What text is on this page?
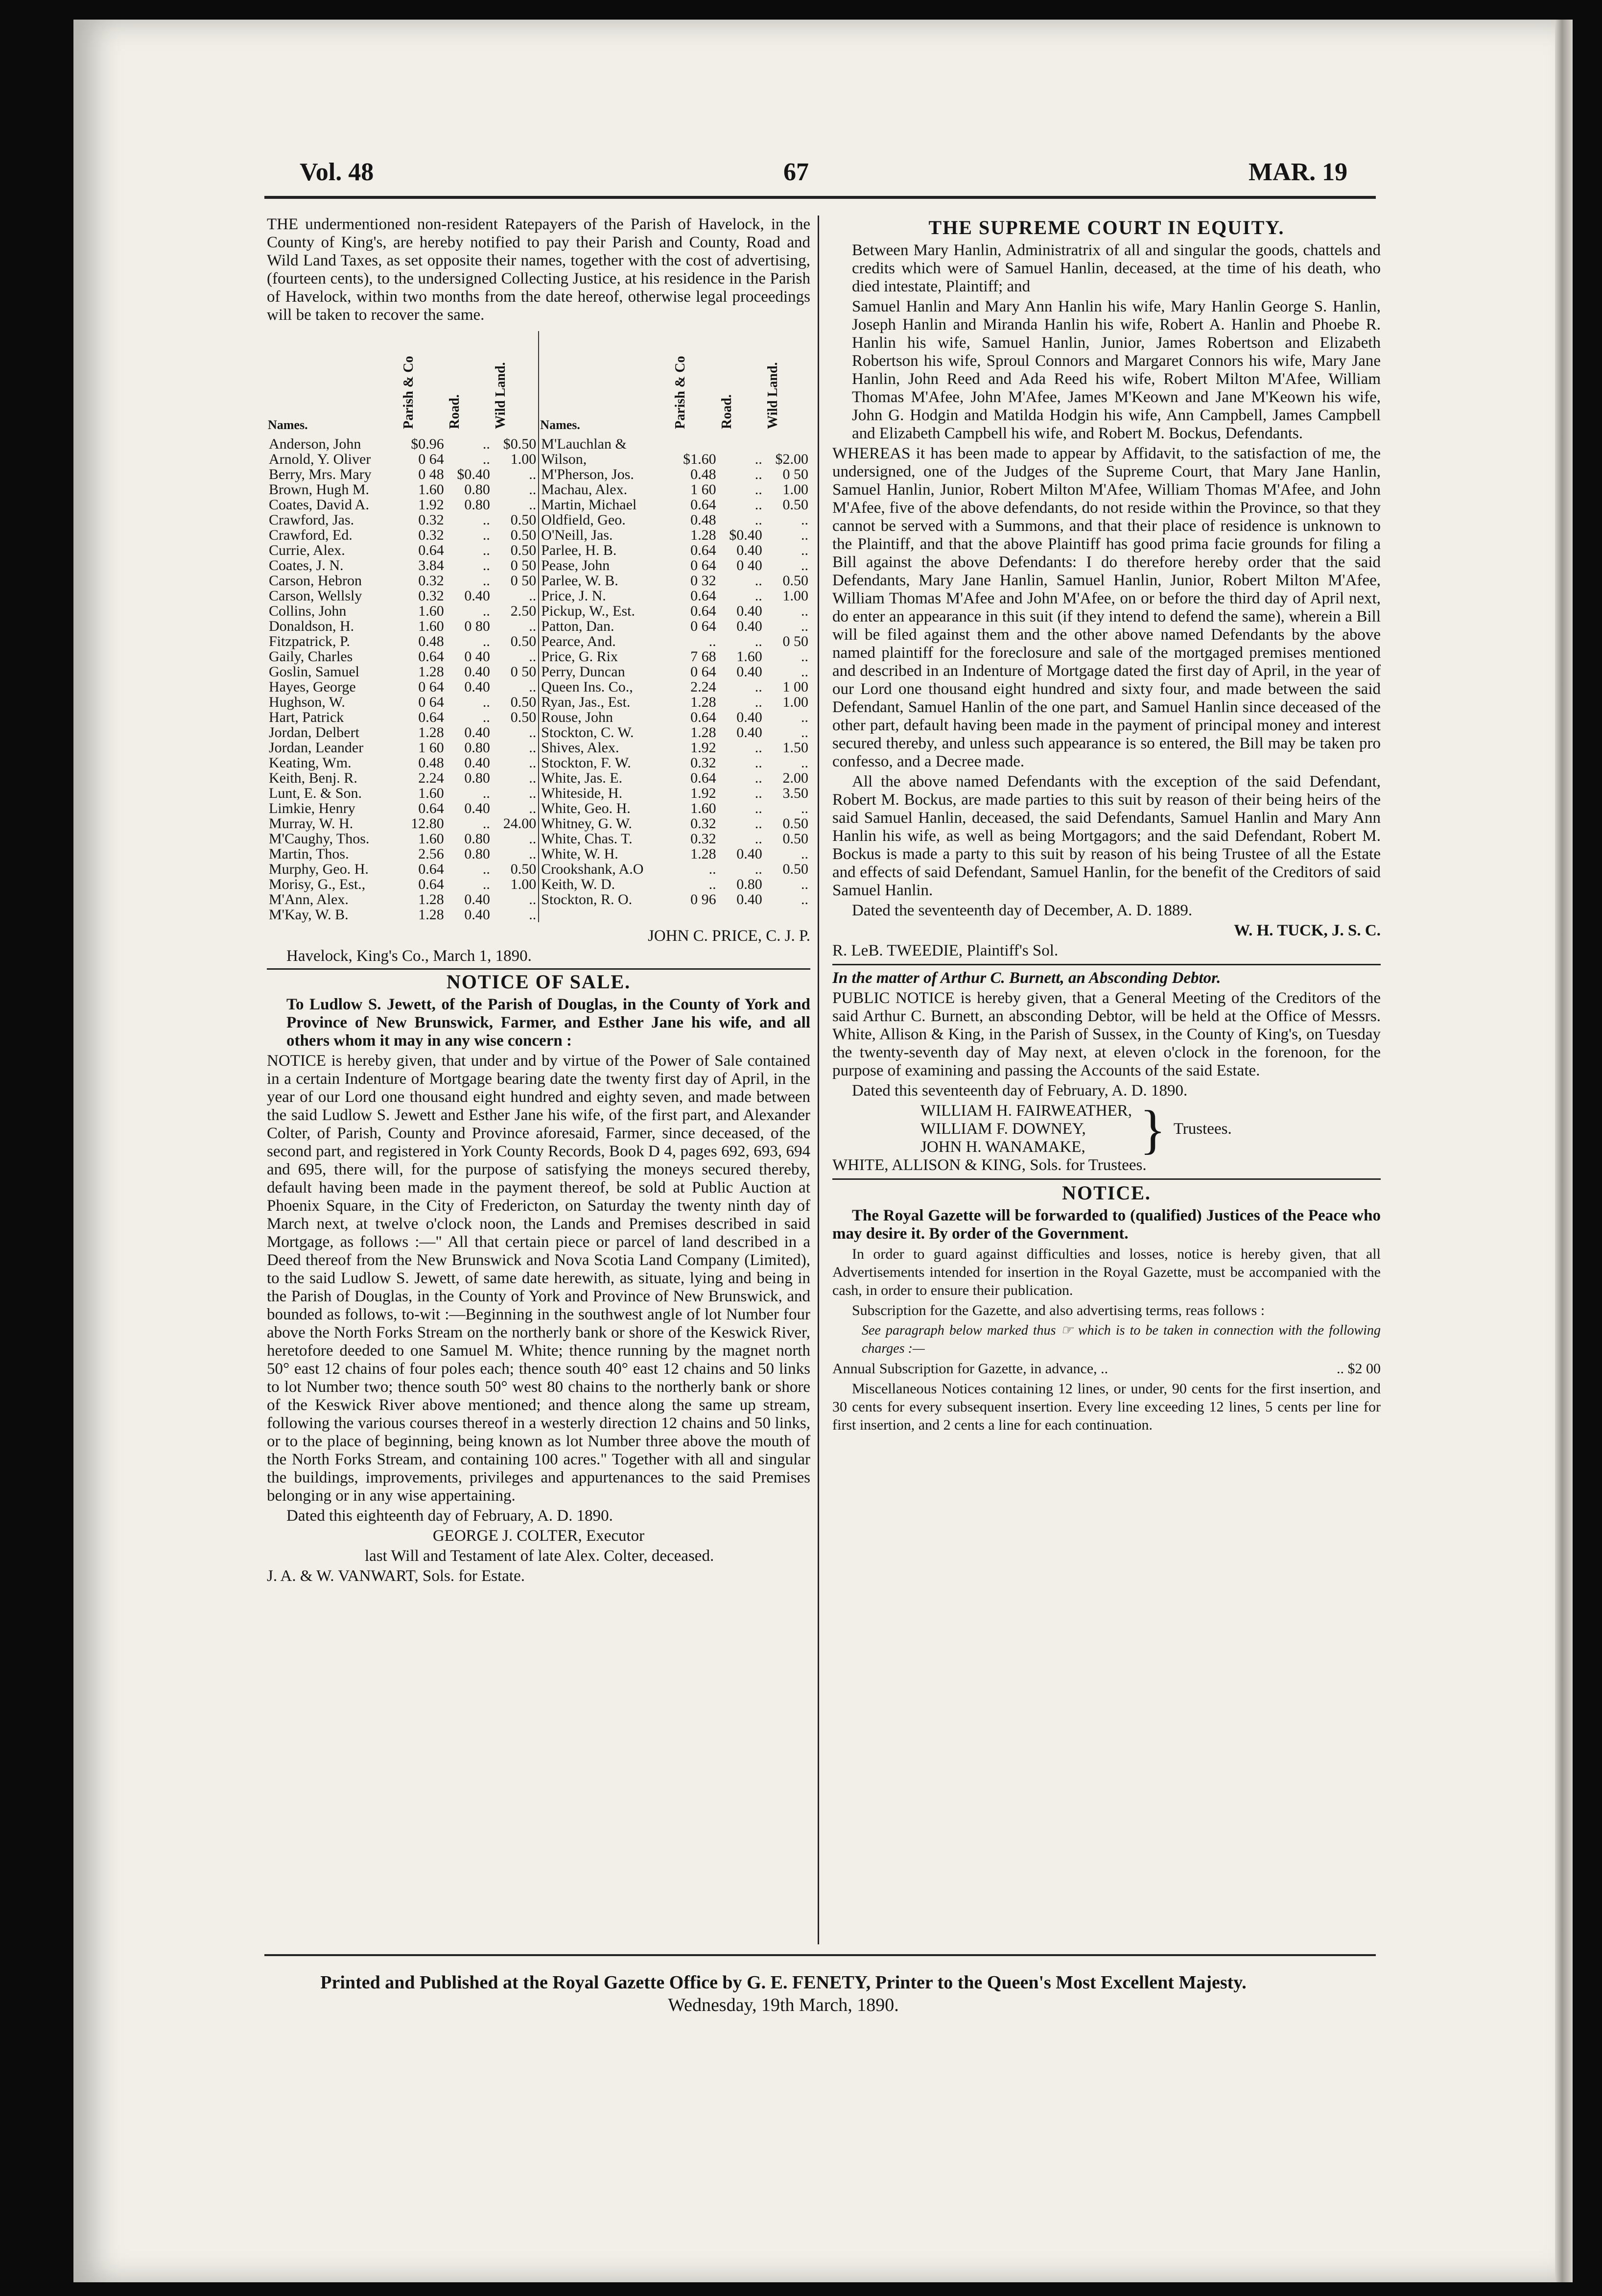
Vol. 48	67	MAR. 19

THE undermentioned non-resident Ratepayers of the Parish of Havelock, in the County of King's, are hereby notified to pay their Parish and County, Road and Wild Land Taxes, as set opposite their names, together with the cost of advertising, (fourteen cents), to the undersigned Collecting Justice, at his residence in the Parish of Havelock, within two months from the date hereof, otherwise legal proceedings will be taken to recover the same.

Names.	Parish & Co	Road.	Wild Land.	Names.	Parish & Co	Road.	Wild Land.
Anderson, John	$0.96	..	$0.50	M'Lauchlan &			
Arnold, Y. Oliver	0 64	..	1.00	Wilson,	$1.60	..	$2.00
Berry, Mrs. Mary	0 48	$0.40	..	M'Pherson, Jos.	0.48	..	0 50
Brown, Hugh M.	1.60	0.80	..	Machau, Alex.	1 60	..	1.00
Coates, David A.	1.92	0.80	..	Martin, Michael	0.64	..	0.50
Crawford, Jas.	0.32	..	0.50	Oldfield, Geo.	0.48	..	..
Crawford, Ed.	0.32	..	0.50	O'Neill, Jas.	1.28	$0.40	..
Currie, Alex.	0.64	..	0.50	Parlee, H. B.	0.64	0.40	..
Coates, J. N.	3.84	..	0 50	Pease, John	0 64	0 40	..
Carson, Hebron	0.32	..	0 50	Parlee, W. B.	0 32	..	0.50
Carson, Wellsly	0.32	0.40	..	Price, J. N.	0.64	..	1.00
Collins, John	1.60	..	2.50	Pickup, W., Est.	0.64	0.40	..
Donaldson, H.	1.60	0 80	..	Patton, Dan.	0 64	0.40	..
Fitzpatrick, P.	0.48	..	0.50	Pearce, And.	..	..	0 50
Gaily, Charles	0.64	0 40	..	Price, G. Rix	7 68	1.60	..
Goslin, Samuel	1.28	0.40	0 50	Perry, Duncan	0 64	0.40	..
Hayes, George	0 64	0.40	..	Queen Ins. Co.,	2.24	..	1 00
Hughson, W.	0 64	..	0.50	Ryan, Jas., Est.	1.28	..	1.00
Hart, Patrick	0.64	..	0.50	Rouse, John	0.64	0.40	..
Jordan, Delbert	1.28	0.40	..	Stockton, C. W.	1.28	0.40	..
Jordan, Leander	1 60	0.80	..	Shives, Alex.	1.92	..	1.50
Keating, Wm.	0.48	0.40	..	Stockton, F. W.	0.32	..	..
Keith, Benj. R.	2.24	0.80	..	White, Jas. E.	0.64	..	2.00
Lunt, E. & Son.	1.60	..	..	Whiteside, H.	1.92	..	3.50
Limkie, Henry	0.64	0.40	..	White, Geo. H.	1.60	..	..
Murray, W. H.	12.80	..	24.00	Whitney, G. W.	0.32	..	0.50
M'Caughy, Thos.	1.60	0.80	..	White, Chas. T.	0.32	..	0.50
Martin, Thos.	2.56	0.80	..	White, W. H.	1.28	0.40	..
Murphy, Geo. H.	0.64	..	0.50	Crookshank, A.O	..	..	0.50
Morisy, G., Est.,	0.64	..	1.00	Keith, W. D.	..	0.80	..
M'Ann, Alex.	1.28	0.40	..	Stockton, R. O.	0 96	0.40	..
M'Kay, W. B.	1.28	0.40	..				

JOHN C. PRICE, C. J. P.

Havelock, King's Co., March 1, 1890.

NOTICE OF SALE.

To Ludlow S. Jewett, of the Parish of Douglas, in the County of York and Province of New Brunswick, Farmer, and Esther Jane his wife, and all others whom it may in any wise concern :

NOTICE is hereby given, that under and by virtue of the Power of Sale contained in a certain Indenture of Mortgage bearing date the twenty first day of April, in the year of our Lord one thousand eight hundred and eighty seven, and made between the said Ludlow S. Jewett and Esther Jane his wife, of the first part, and Alexander Colter, of Parish, County and Province aforesaid, Farmer, since deceased, of the second part, and registered in York County Records, Book D 4, pages 692, 693, 694 and 695, there will, for the purpose of satisfying the moneys secured thereby, default having been made in the payment thereof, be sold at Public Auction at Phoenix Square, in the City of Fredericton, on Saturday the twenty ninth day of March next, at twelve o'clock noon, the Lands and Premises described in said Mortgage, as follows :—" All that certain piece or parcel of land described in a Deed thereof from the New Brunswick and Nova Scotia Land Company (Limited), to the said Ludlow S. Jewett, of same date herewith, as situate, lying and being in the Parish of Douglas, in the County of York and Province of New Brunswick, and bounded as follows, to-wit :—Beginning in the southwest angle of lot Number four above the North Forks Stream on the northerly bank or shore of the Keswick River, heretofore deeded to one Samuel M. White; thence running by the magnet north 50° east 12 chains of four poles each; thence south 40° east 12 chains and 50 links to lot Number two; thence south 50° west 80 chains to the northerly bank or shore of the Keswick River above mentioned; and thence along the same up stream, following the various courses thereof in a westerly direction 12 chains and 50 links, or to the place of beginning, being known as lot Number three above the mouth of the North Forks Stream, and containing 100 acres." Together with all and singular the buildings, improvements, privileges and appurtenances to the said Premises belonging or in any wise appertaining.

Dated this eighteenth day of February, A. D. 1890.

GEORGE J. COLTER, Executor

last Will and Testament of late Alex. Colter, deceased.

J. A. & W. VANWART, Sols. for Estate.

THE SUPREME COURT IN EQUITY.

Between Mary Hanlin, Administratrix of all and singular the goods, chattels and credits which were of Samuel Hanlin, deceased, at the time of his death, who died intestate, Plaintiff; and

Samuel Hanlin and Mary Ann Hanlin his wife, Mary Hanlin George S. Hanlin, Joseph Hanlin and Miranda Hanlin his wife, Robert A. Hanlin and Phoebe R. Hanlin his wife, Samuel Hanlin, Junior, James Robertson and Elizabeth Robertson his wife, Sproul Connors and Margaret Connors his wife, Mary Jane Hanlin, John Reed and Ada Reed his wife, Robert Milton M'Afee, William Thomas M'Afee, John M'Afee, James M'Keown and Jane M'Keown his wife, John G. Hodgin and Matilda Hodgin his wife, Ann Campbell, James Campbell and Elizabeth Campbell his wife, and Robert M. Bockus, Defendants.

WHEREAS it has been made to appear by Affidavit, to the satisfaction of me, the undersigned, one of the Judges of the Supreme Court, that Mary Jane Hanlin, Samuel Hanlin, Junior, Robert Milton M'Afee, William Thomas M'Afee, and John M'Afee, five of the above defendants, do not reside within the Province, so that they cannot be served with a Summons, and that their place of residence is unknown to the Plaintiff, and that the above Plaintiff has good prima facie grounds for filing a Bill against the above Defendants: I do therefore hereby order that the said Defendants, Mary Jane Hanlin, Samuel Hanlin, Junior, Robert Milton M'Afee, William Thomas M'Afee and John M'Afee, on or before the third day of April next, do enter an appearance in this suit (if they intend to defend the same), wherein a Bill will be filed against them and the other above named Defendants by the above named plaintiff for the foreclosure and sale of the mortgaged premises mentioned and described in an Indenture of Mortgage dated the first day of April, in the year of our Lord one thousand eight hundred and sixty four, and made between the said Defendant, Samuel Hanlin of the one part, and Samuel Hanlin since deceased of the other part, default having been made in the payment of principal money and interest secured thereby, and unless such appearance is so entered, the Bill may be taken pro confesso, and a Decree made.

All the above named Defendants with the exception of the said Defendant, Robert M. Bockus, are made parties to this suit by reason of their being heirs of the said Samuel Hanlin, deceased, the said Defendants, Samuel Hanlin and Mary Ann Hanlin his wife, as well as being Mortgagors; and the said Defendant, Robert M. Bockus is made a party to this suit by reason of his being Trustee of all the Estate and effects of said Defendant, Samuel Hanlin, for the benefit of the Creditors of said Samuel Hanlin.

Dated the seventeenth day of December, A. D. 1889.

W. H. TUCK, J. S. C.

R. LeB. TWEEDIE, Plaintiff's Sol.

In the matter of Arthur C. Burnett, an Absconding Debtor.

PUBLIC NOTICE is hereby given, that a General Meeting of the Creditors of the said Arthur C. Burnett, an absconding Debtor, will be held at the Office of Messrs. White, Allison & King, in the Parish of Sussex, in the County of King's, on Tuesday the twenty-seventh day of May next, at eleven o'clock in the forenoon, for the purpose of examining and passing the Accounts of the said Estate.

Dated this seventeenth day of February, A. D. 1890.

WILLIAM H. FAIRWEATHER,
WILLIAM F. DOWNEY,
JOHN H. WANAMAKE,	} Trustees.

WHITE, ALLISON & KING, Sols. for Trustees.

NOTICE.

The Royal Gazette will be forwarded to (qualified) Justices of the Peace who may desire it. By order of the Government.

In order to guard against difficulties and losses, notice is hereby given, that all Advertisements intended for insertion in the Royal Gazette, must be accompanied with the cash, in order to ensure their publication.

Subscription for the Gazette, and also advertising terms, reas follows :

See paragraph below marked thus ☞ which is to be taken in connection with the following charges :—

Annual Subscription for Gazette, in advance, ..	.. $2 00

Miscellaneous Notices containing 12 lines, or under, 90 cents for the first insertion, and 30 cents for every subsequent insertion. Every line exceeding 12 lines, 5 cents per line for first insertion, and 2 cents a line for each continuation.

Printed and Published at the Royal Gazette Office by G. E. FENETY, Printer to the Queen's Most Excellent Majesty.
Wednesday, 19th March, 1890.
